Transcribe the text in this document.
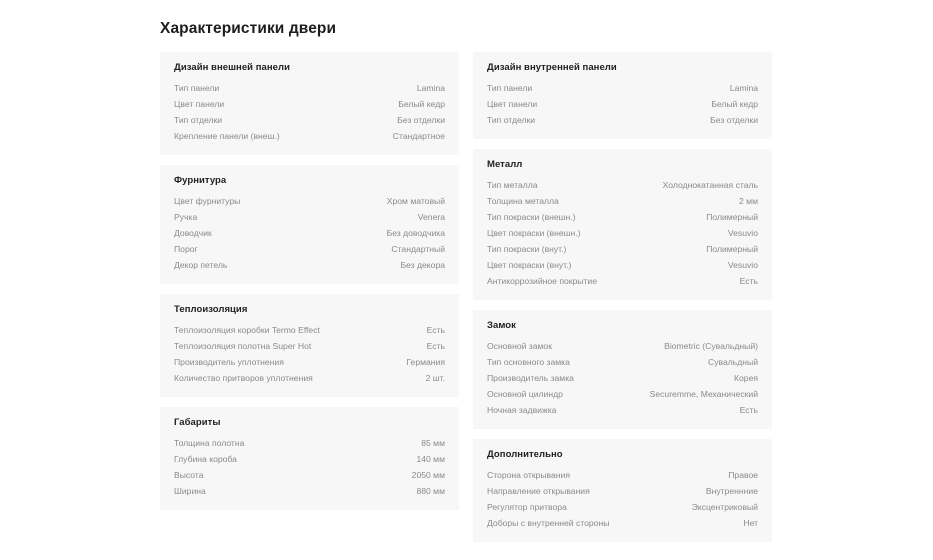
Характеристики двери
Дизайн внешней панели
Тип панели	Lamina
Цвет панели	Белый кедр
Тип отделки	Без отделки
Крепление панели (внеш.)	Стандартное
Фурнитура
Цвет фурнитуры	Хром матовый
Ручка	Venera
Доводчик	Без доводчика
Порог	Стандартный
Декор петель	Без декора
Теплоизоляция
Теплоизоляция коробки Termo Effect	Есть
Теплоизоляция полотна Super Hot	Есть
Производитель уплотнения	Германия
Количество притворов уплотнения	2 шт.
Габариты
Толщина полотна	85 мм
Глубина короба	140 мм
Высота	2050 мм
Ширина	880 мм
Дизайн внутренней панели
Тип панели	Lamina
Цвет панели	Белый кедр
Тип отделки	Без отделки
Металл
Тип металла	Холоднокатанная сталь
Толщина металла	2 мм
Тип покраски (внешн.)	Полимерный
Цвет покраски (внешн.)	Vesuvio
Тип покраски (внут.)	Полимерный
Цвет покраски (внут.)	Vesuvio
Антикоррозийное покрытие	Есть
Замок
Основной замок	Biometric (Сувальдный)
Тип основного замка	Сувальдный
Производитель замка	Корея
Основной цилиндр	Securemme, Механический
Ночная задвижка	Есть
Дополнительно
Сторона открывания	Правое
Направление открывания	Внутреннние
Регулятор притвора	Эксцентриковый
Доборы с внутренней стороны	Нет
